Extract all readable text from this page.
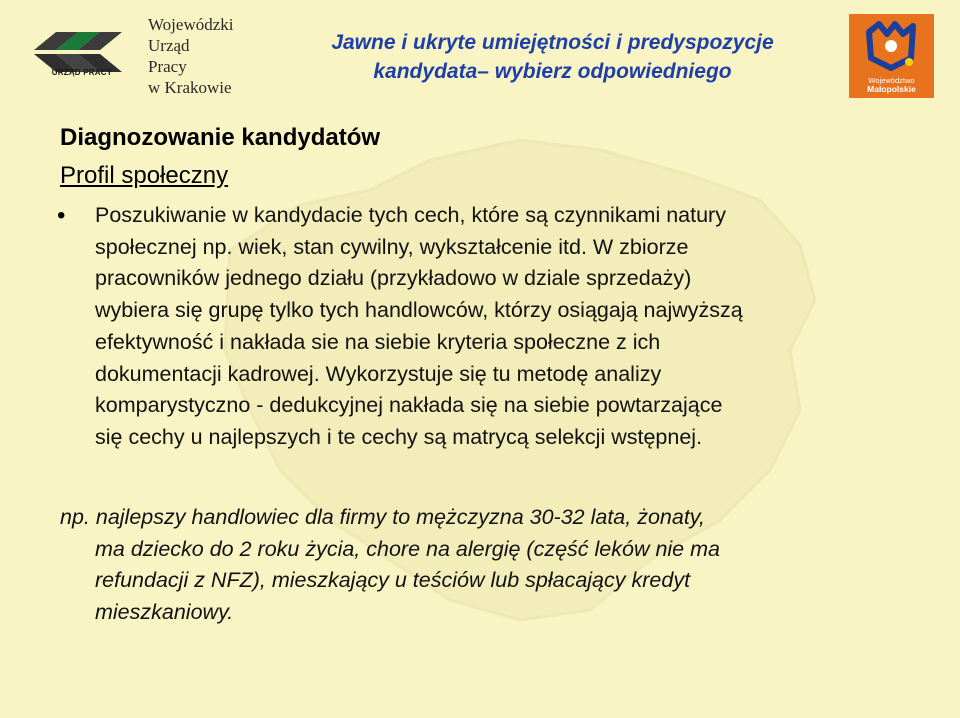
URZĄD PRACY
Wojewódzki
Urząd
Pracy
w Krakowie
Jawne i ukryte umiejętności i predyspozycje
kandydata– wybierz odpowiedniego	Województwo
Małopolskie
Diagnozowanie kandydatów
Profil społeczny
• Poszukiwanie w kandydacie tych cech, które są czynnikami natury
społecznej np. wiek, stan cywilny, wykształcenie itd. W zbiorze
pracowników jednego działu (przykładowo w dziale sprzedaży)
wybiera się grupę tylko tych handlowców, którzy osiągają najwyższą
efektywność i nakłada sie na siebie kryteria społeczne z ich
dokumentacji kadrowej. Wykorzystuje się tu metodę analizy
komparystyczno - dedukcyjnej nakłada się na siebie powtarzające
się cechy u najlepszych i te cechy są matrycą selekcji wstępnej.
np. najlepszy handlowiec dla firmy to mężczyzna 30-32 lata, żonaty,
ma dziecko do 2 roku życia, chore na alergię (część leków nie ma
refundacji z NFZ), mieszkający u teściów lub spłacający kredyt
mieszkaniowy.
